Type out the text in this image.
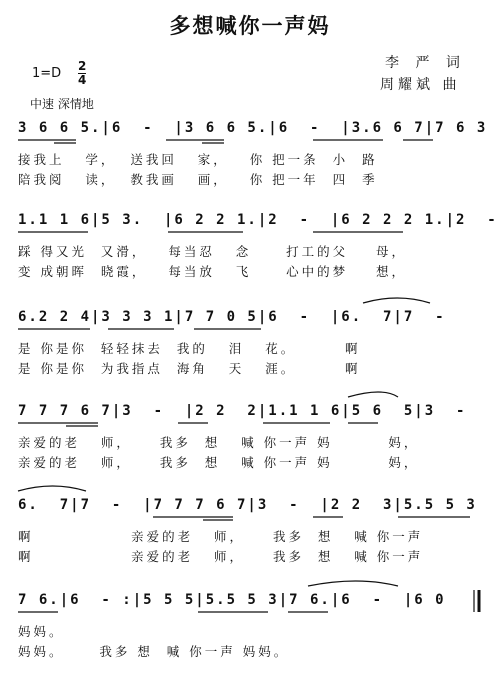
多想喊你一声妈
李 严 词
周耀斌 曲
1=D 2
4
中速 深情地
3 6 6 5.|6  -  |3 6 6 5.|6  -  |3.6 6 7|7 6 3
接我上   学，  送我回   家，   你 把一条  小  路
陪我阅   读，  教我画   画，   你 把一年  四  季
1.1 1 6|5 3.  |6 2 2 1.|2  -  |6 2 2 2 1.|2  -
踩 得又光  又滑，   每当忍   念     打工的父    母，
变 成朝晖  晓霞，   每当放   飞     心中的梦    想，
6.2 2 4|3 3 3 1|7 7 0 5|6  -  |6.  7|7  -
是 你是你  轻轻抹去  我的   泪   花。       啊
是 你是你  为我指点  海角   天   涯。       啊
7 7 7 6 7|3  -  |2 2  2|1.1 1 6|5 6  5|3  -
亲爱的老   师，    我多  想   喊 你一声 妈        妈，
亲爱的老   师，    我多  想   喊 你一声 妈        妈，
6.  7|7  -  |7 7 7 6 7|3  -  |2 2  3|5.5 5 3
啊              亲爱的老   师，    我多  想   喊 你一声
啊              亲爱的老   师，    我多  想   喊 你一声
7 6.|6  - :|5 5 5|5.5 5 3|7 6.|6  -  |6 0
妈妈。
妈妈。     我多 想  喊 你一声 妈妈。
